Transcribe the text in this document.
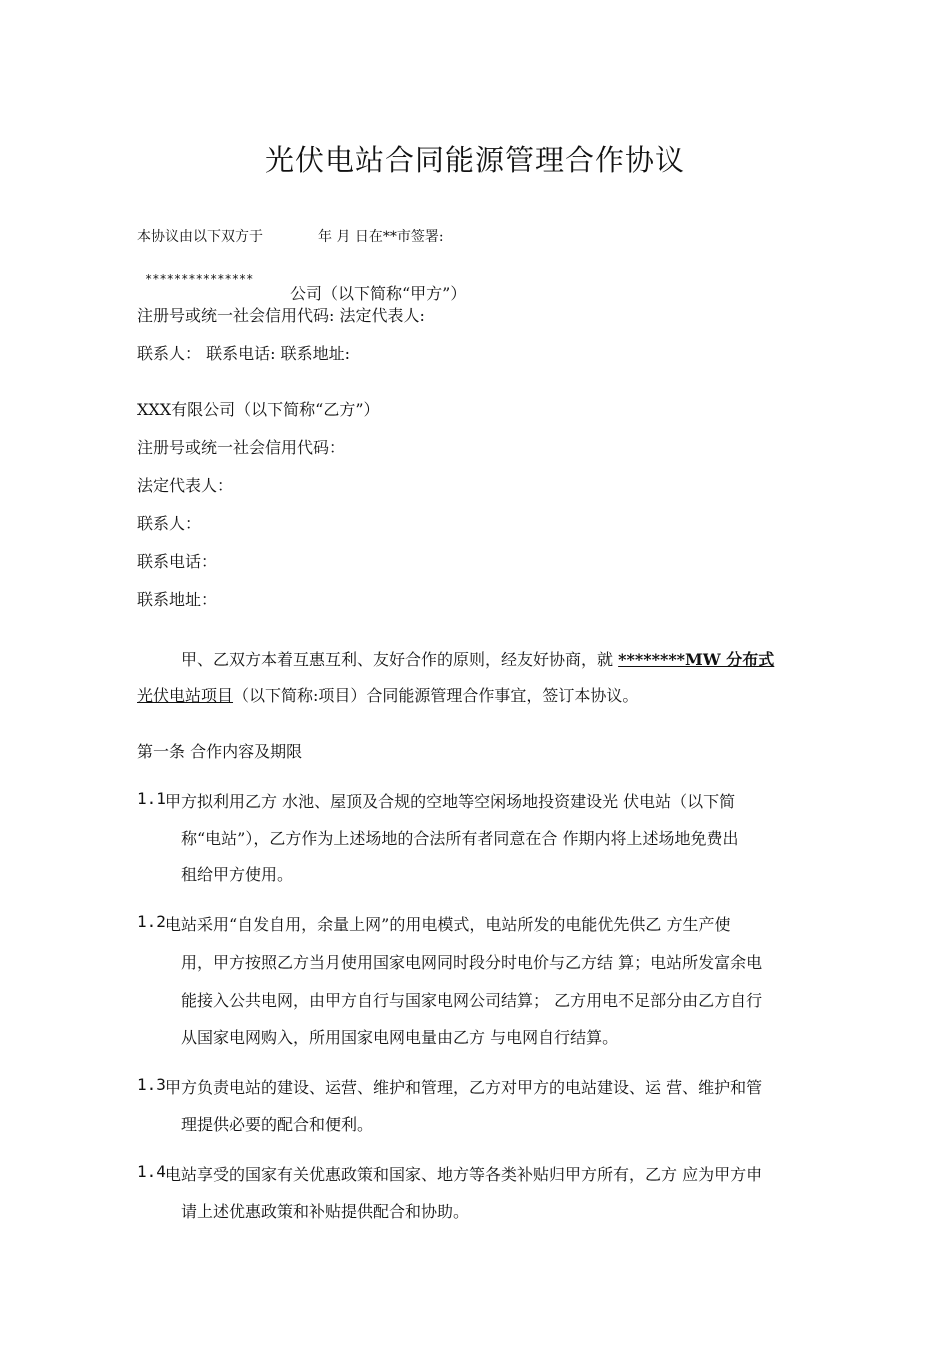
光伏电站合同能源管理合作协议
本协议由以下双方于	年 月 日在**市签署:
***************
公司（以下简称“甲方”）
注册号或统一社会信用代码: 法定代表人:
联系人： 联系电话: 联系地址:
XXX有限公司（以下简称“乙方”）
注册号或统一社会信用代码：
法定代表人：
联系人：
联系电话：
联系地址：
甲、乙双方本着互惠互利、友好合作的原则，经友好协商，就 ********MW 分布式
光伏电站项目（以下简称:项目）合同能源管理合作事宜，签订本协议。
第一条 合作内容及期限
1.1 甲方拟利用乙方 水池、屋顶及合规的空地等空闲场地投资建设光 伏电站（以下简
称“电站”），乙方作为上述场地的合法所有者同意在合 作期内将上述场地免费出
租给甲方使用。
1.2 电站采用“自发自用，余量上网”的用电模式，电站所发的电能优先供乙 方生产使
用，甲方按照乙方当月使用国家电网同时段分时电价与乙方结 算；电站所发富余电
能接入公共电网，由甲方自行与国家电网公司结算； 乙方用电不足部分由乙方自行
从国家电网购入，所用国家电网电量由乙方 与电网自行结算。
1.3 甲方负责电站的建设、运营、维护和管理，乙方对甲方的电站建设、运 营、维护和管
理提供必要的配合和便利。
1.4 电站享受的国家有关优惠政策和国家、地方等各类补贴归甲方所有，乙方 应为甲方申
请上述优惠政策和补贴提供配合和协助。
